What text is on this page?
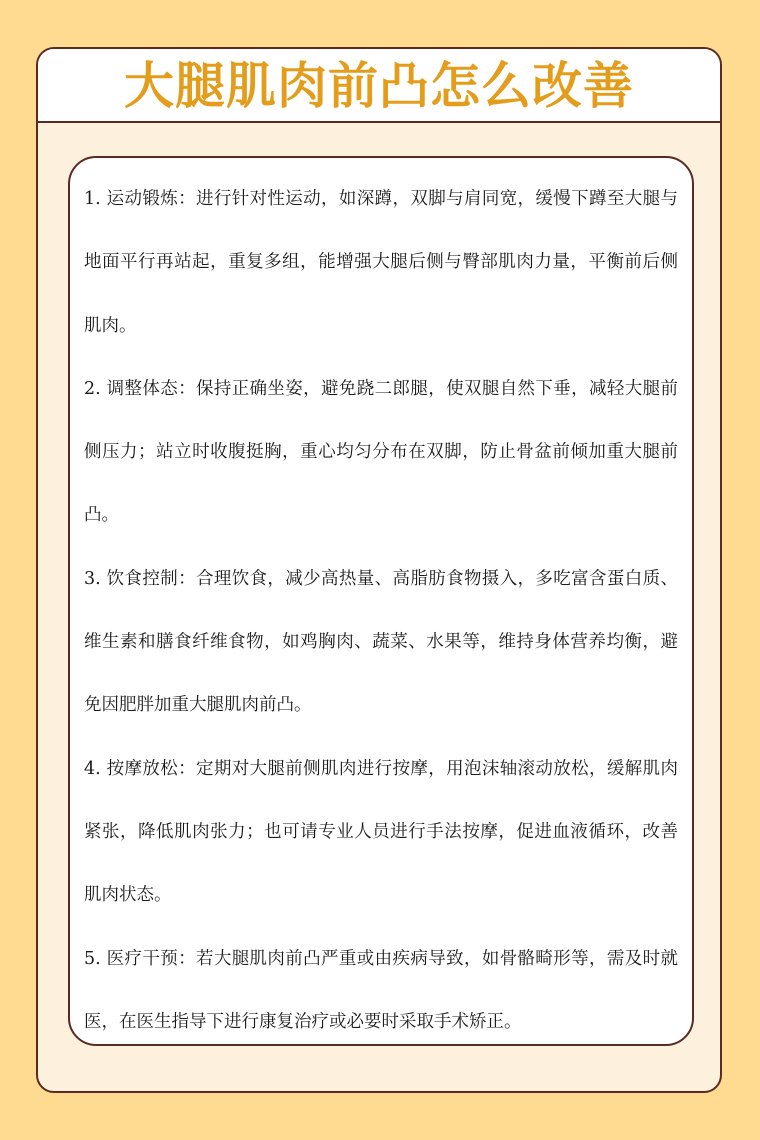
大腿肌肉前凸怎么改善

1. 运动锻炼：进行针对性运动，如深蹲，双脚与肩同宽，缓慢下蹲至大腿与地面平行再站起，重复多组，能增强大腿后侧与臀部肌肉力量，平衡前后侧肌肉。

2. 调整体态：保持正确坐姿，避免跷二郎腿，使双腿自然下垂，减轻大腿前侧压力；站立时收腹挺胸，重心均匀分布在双脚，防止骨盆前倾加重大腿前凸。

3. 饮食控制：合理饮食，减少高热量、高脂肪食物摄入，多吃富含蛋白质、维生素和膳食纤维食物，如鸡胸肉、蔬菜、水果等，维持身体营养均衡，避免因肥胖加重大腿肌肉前凸。

4. 按摩放松：定期对大腿前侧肌肉进行按摩，用泡沫轴滚动放松，缓解肌肉紧张，降低肌肉张力；也可请专业人员进行手法按摩，促进血液循环，改善肌肉状态。

5. 医疗干预：若大腿肌肉前凸严重或由疾病导致，如骨骼畸形等，需及时就医，在医生指导下进行康复治疗或必要时采取手术矫正。
